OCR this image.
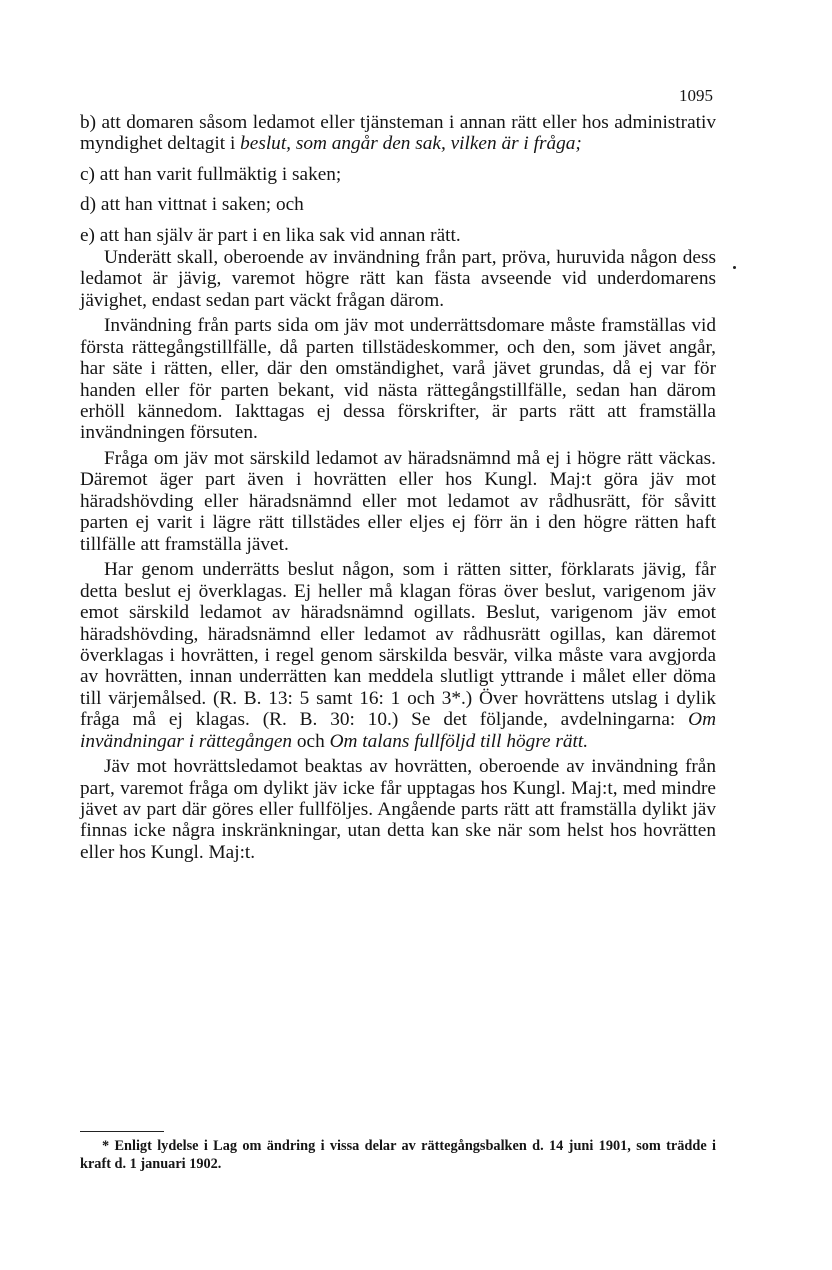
1095

b) att domaren såsom ledamot eller tjänsteman i annan rätt eller hos administrativ myndighet deltagit i beslut, som angår den sak, vilken är i fråga;

c) att han varit fullmäktig i saken;

d) att han vittnat i saken; och

e) att han själv är part i en lika sak vid annan rätt.

Underätt skall, oberoende av invändning från part, pröva, huruvida någon dess ledamot är jävig, varemot högre rätt kan fästa avseende vid underdomarens jävighet, endast sedan part väckt frågan därom.

Invändning från parts sida om jäv mot underrättsdomare måste framställas vid första rättegångstillfälle, då parten tillstädeskommer, och den, som jävet angår, har säte i rätten, eller, där den omständighet, varå jävet grundas, då ej var för handen eller för parten bekant, vid nästa rättegångstillfälle, sedan han därom erhöll kännedom. Iakttagas ej dessa förskrifter, är parts rätt att framställa invändningen försuten.

Fråga om jäv mot särskild ledamot av häradsnämnd må ej i högre rätt väckas. Däremot äger part även i hovrätten eller hos Kungl. Maj:t göra jäv mot häradshövding eller häradsnämnd eller mot ledamot av rådhusrätt, för såvitt parten ej varit i lägre rätt tillstädes eller eljes ej förr än i den högre rätten haft tillfälle att framställa jävet.

Har genom underrätts beslut någon, som i rätten sitter, förklarats jävig, får detta beslut ej överklagas. Ej heller må klagan föras över beslut, varigenom jäv emot särskild ledamot av häradsnämnd ogillats. Beslut, varigenom jäv emot häradshövding, häradsnämnd eller ledamot av rådhusrätt ogillas, kan däremot överklagas i hovrätten, i regel genom särskilda besvär, vilka måste vara avgjorda av hovrätten, innan underrätten kan meddela slutligt yttrande i målet eller döma till värjemålsed. (R. B. 13: 5 samt 16: 1 och 3*.) Över hovrättens utslag i dylik fråga må ej klagas. (R. B. 30: 10.) Se det följande, avdelningarna: Om invändningar i rättegången och Om talans fullföljd till högre rätt.

Jäv mot hovrättsledamot beaktas av hovrätten, oberoende av invändning från part, varemot fråga om dylikt jäv icke får upptagas hos Kungl. Maj:t, med mindre jävet av part där göres eller fullföljes. Angående parts rätt att framställa dylikt jäv finnas icke några inskränkningar, utan detta kan ske när som helst hos hovrätten eller hos Kungl. Maj:t.

* Enligt lydelse i Lag om ändring i vissa delar av rättegångsbalken d. 14 juni 1901, som trädde i kraft d. 1 januari 1902.
